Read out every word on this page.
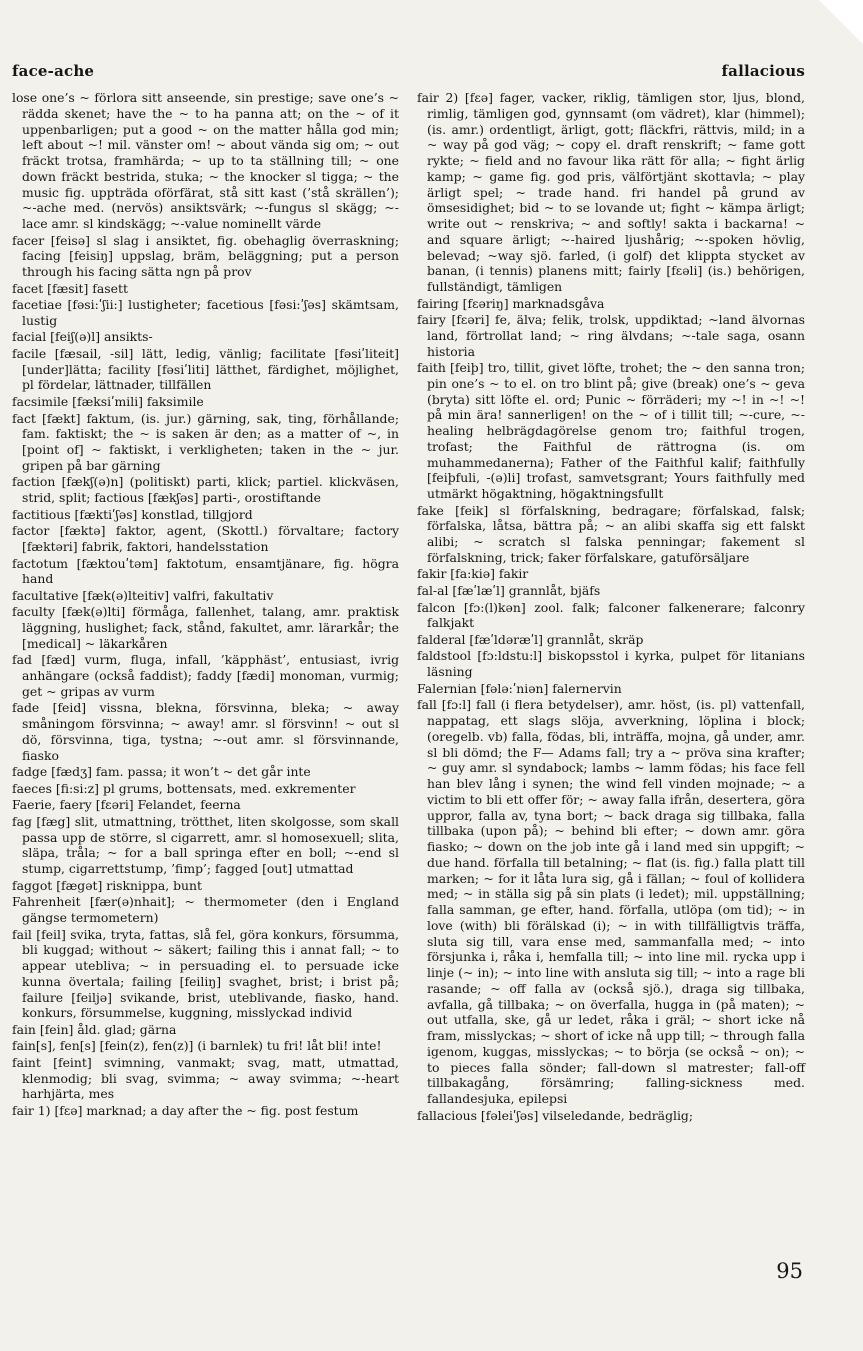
face-ache	fallacious

lose one’s ~ förlora sitt anseende, sin prestige; save one’s ~ rädda skenet; have the ~ to ha panna att; on the ~ of it uppenbarligen; put a good ~ on the matter hålla god min; left about ~! mil. vänster om! ~ about vända sig om; ~ out fräckt trotsa, framhärda; ~ up to ta ställning till; ~ one down fräckt bestrida, stuka; ~ the knocker sl tigga; ~ the music fig. uppträda oförfärat, stå sitt kast (’stå skrällen’); ~-ache med. (nervös) ansiktsvärk; ~-fungus sl skägg; ~-lace amr. sl kindskägg; ~-value nominellt värde

facer [feisə] sl slag i ansiktet, fig. obehaglig överraskning; facing [feisiŋ] uppslag, bräm, beläggning; put a person through his facing sätta ngn på prov

facet [fæsit] fasett

facetiae [fəsi:ʹʃii:] lustigheter; facetious [fəsi:ʹʃəs] skämtsam, lustig

facial [feiʃ(ə)l] ansikts-

facile [fæsail, -sil] lätt, ledig, vänlig; facilitate [fəsiʹliteit] [under]lätta; facility [fəsiʹliti] lätthet, färdighet, möjlighet, pl fördelar, lättnader, tillfällen

facsimile [fæksiʹmili] faksimile

fact [fækt] faktum, (is. jur.) gärning, sak, ting, förhållande; fam. faktiskt; the ~ is saken är den; as a matter of ~, in [point of] ~ faktiskt, i verkligheten; taken in the ~ jur. gripen på bar gärning

faction [fækʃ(ə)n] (politiskt) parti, klick; partiel. klickväsen, strid, split; factious [fækʃəs] parti-, orostiftande

factitious [fæktiʹʃəs] konstlad, tillgjord

factor [fæktə] faktor, agent, (Skottl.) förvaltare; factory [fæktəri] fabrik, faktori, handelsstation

factotum [fæktouʹtəm] faktotum, ensamtjänare, fig. högra hand

facultative [fæk(ə)lteitiv] valfri, fakultativ

faculty [fæk(ə)lti] förmåga, fallenhet, talang, amr. praktisk läggning, huslighet; fack, stånd, fakultet, amr. lärarkår; the [medical] ~ läkarkåren

fad [fæd] vurm, fluga, infall, ’käpphäst’, entusiast, ivrig anhängare (också faddist); faddy [fædi] monoman, vurmig; get ~ gripas av vurm

fade [feid] vissna, blekna, försvinna, bleka; ~ away småningom försvinna; ~ away! amr. sl försvinn! ~ out sl dö, försvinna, tiga, tystna; ~-out amr. sl försvinnande, fiasko

fadge [fædʒ] fam. passa; it won’t ~ det går inte

faeces [fi:si:z] pl grums, bottensats, med. exkrementer

Faerie, faery [fɛəri] Felandet, feerna

fag [fæg] slit, utmattning, trötthet, liten skolgosse, som skall passa upp de större, sl cigarrett, amr. sl homosexuell; slita, släpa, tråla; ~ for a ball springa efter en boll; ~-end sl stump, cigarrettstump, ’fimp’; fagged [out] utmattad

faggot [fægət] risknippa, bunt

Fahrenheit [fær(ə)nhait]; ~ thermometer (den i England gängse termometern)

fail [feil] svika, tryta, fattas, slå fel, göra konkurs, försumma, bli kuggad; without ~ säkert; failing this i annat fall; ~ to appear utebliva; ~ in persuading el. to persuade icke kunna övertala; failing [feiliŋ] svaghet, brist; i brist på; failure [feiljə] svikande, brist, uteblivande, fiasko, hand. konkurs, försummelse, kuggning, misslyckad individ

fain [fein] åld. glad; gärna

fain[s], fen[s] [fein(z), fen(z)] (i barnlek) tu fri! låt bli! inte!

faint [feint] svimning, vanmakt; svag, matt, utmattad, klenmodig; bli svag, svimma; ~ away svimma; ~-heart harhjärta, mes

fair 1) [fɛə] marknad; a day after the ~ fig. post festum

fair 2) [fɛə] fager, vacker, riklig, tämligen stor, ljus, blond, rimlig, tämligen god, gynnsamt (om vädret), klar (himmel); (is. amr.) ordentligt, ärligt, gott; fläckfri, rättvis, mild; in a ~ way på god väg; ~ copy el. draft renskrift; ~ fame gott rykte; ~ field and no favour lika rätt för alla; ~ fight ärlig kamp; ~ game fig. god pris, välförtjänt skottavla; ~ play ärligt spel; ~ trade hand. fri handel på grund av ömsesidighet; bid ~ to se lovande ut; fight ~ kämpa ärligt; write out ~ renskriva; ~ and softly! sakta i backarna! ~ and square ärligt; ~-haired ljushårig; ~-spoken hövlig, belevad; ~way sjö. farled, (i golf) det klippta stycket av banan, (i tennis) planens mitt; fairly [fɛəli] (is.) behörigen, fullständigt, tämligen

fairing [fɛəriŋ] marknadsgåva

fairy [fɛəri] fe, älva; felik, trolsk, uppdiktad; ~land älvornas land, förtrollat land; ~ ring älvdans; ~-tale saga, osann historia

faith [feiþ] tro, tillit, givet löfte, trohet; the ~ den sanna tron; pin one’s ~ to el. on tro blint på; give (break) one’s ~ geva (bryta) sitt löfte el. ord; Punic ~ förräderi; my ~! in ~! ~! på min ära! sannerligen! on the ~ of i tillit till; ~-cure, ~-healing helbrägdagörelse genom tro; faithful trogen, trofast; the Faithful de rättrogna (is. om muhammedanerna); Father of the Faithful kalif; faithfully [feiþfuli, -(ə)li] trofast, samvetsgrant; Yours faithfully med utmärkt högaktning, högaktningsfullt

fake [feik] sl förfalskning, bedragare; förfalskad, falsk; förfalska, låtsa, bättra på; ~ an alibi skaffa sig ett falskt alibi; ~ scratch sl falska penningar; fakement sl förfalskning, trick; faker förfalskare, gatuförsäljare

fakir [fa:kiə] fakir

fal-al [fæʹlæʹl] grannlåt, bjäfs

falcon [fɔ:(l)kən] zool. falk; falconer falkenerare; falconry falkjakt

falderal [fæʹldəræʹl] grannlåt, skräp

faldstool [fɔ:ldstu:l] biskopsstol i kyrka, pulpet för litanians läsning

Falernian [fələ:ʹniən] falernervin

fall [fɔ:l] fall (i flera betydelser), amr. höst, (is. pl) vattenfall, nappatag, ett slags slöja, avverkning, löplina i block; (oregelb. vb) falla, födas, bli, inträffa, mojna, gå under, amr. sl bli dömd; the F— Adams fall; try a ~ pröva sina krafter; ~ guy amr. sl syndabock; lambs ~ lamm födas; his face fell han blev lång i synen; the wind fell vinden mojnade; ~ a victim to bli ett offer för; ~ away falla ifrån, desertera, göra uppror, falla av, tyna bort; ~ back draga sig tillbaka, falla tillbaka (upon på); ~ behind bli efter; ~ down amr. göra fiasko; ~ down on the job inte gå i land med sin uppgift; ~ due hand. förfalla till betalning; ~ flat (is. fig.) falla platt till marken; ~ for it låta lura sig, gå i fällan; ~ foul of kollidera med; ~ in ställa sig på sin plats (i ledet); mil. uppställning; falla samman, ge efter, hand. förfalla, utlöpa (om tid); ~ in love (with) bli förälskad (i); ~ in with tillfälligtvis träffa, sluta sig till, vara ense med, sammanfalla med; ~ into försjunka i, råka i, hemfalla till; ~ into line mil. rycka upp i linje (~ in); ~ into line with ansluta sig till; ~ into a rage bli rasande; ~ off falla av (också sjö.), draga sig tillbaka, avfalla, gå tillbaka; ~ on överfalla, hugga in (på maten); ~ out utfalla, ske, gå ur ledet, råka i gräl; ~ short icke nå fram, misslyckas; ~ short of icke nå upp till; ~ through falla igenom, kuggas, misslyckas; ~ to börja (se också ~ on); ~ to pieces falla sönder; fall-down sl matrester; fall-off tillbakagång, försämring; falling-sickness med. fallandesjuka, epilepsi

fallacious [fəleiʹʃəs] vilseledande, bedräglig;

95
